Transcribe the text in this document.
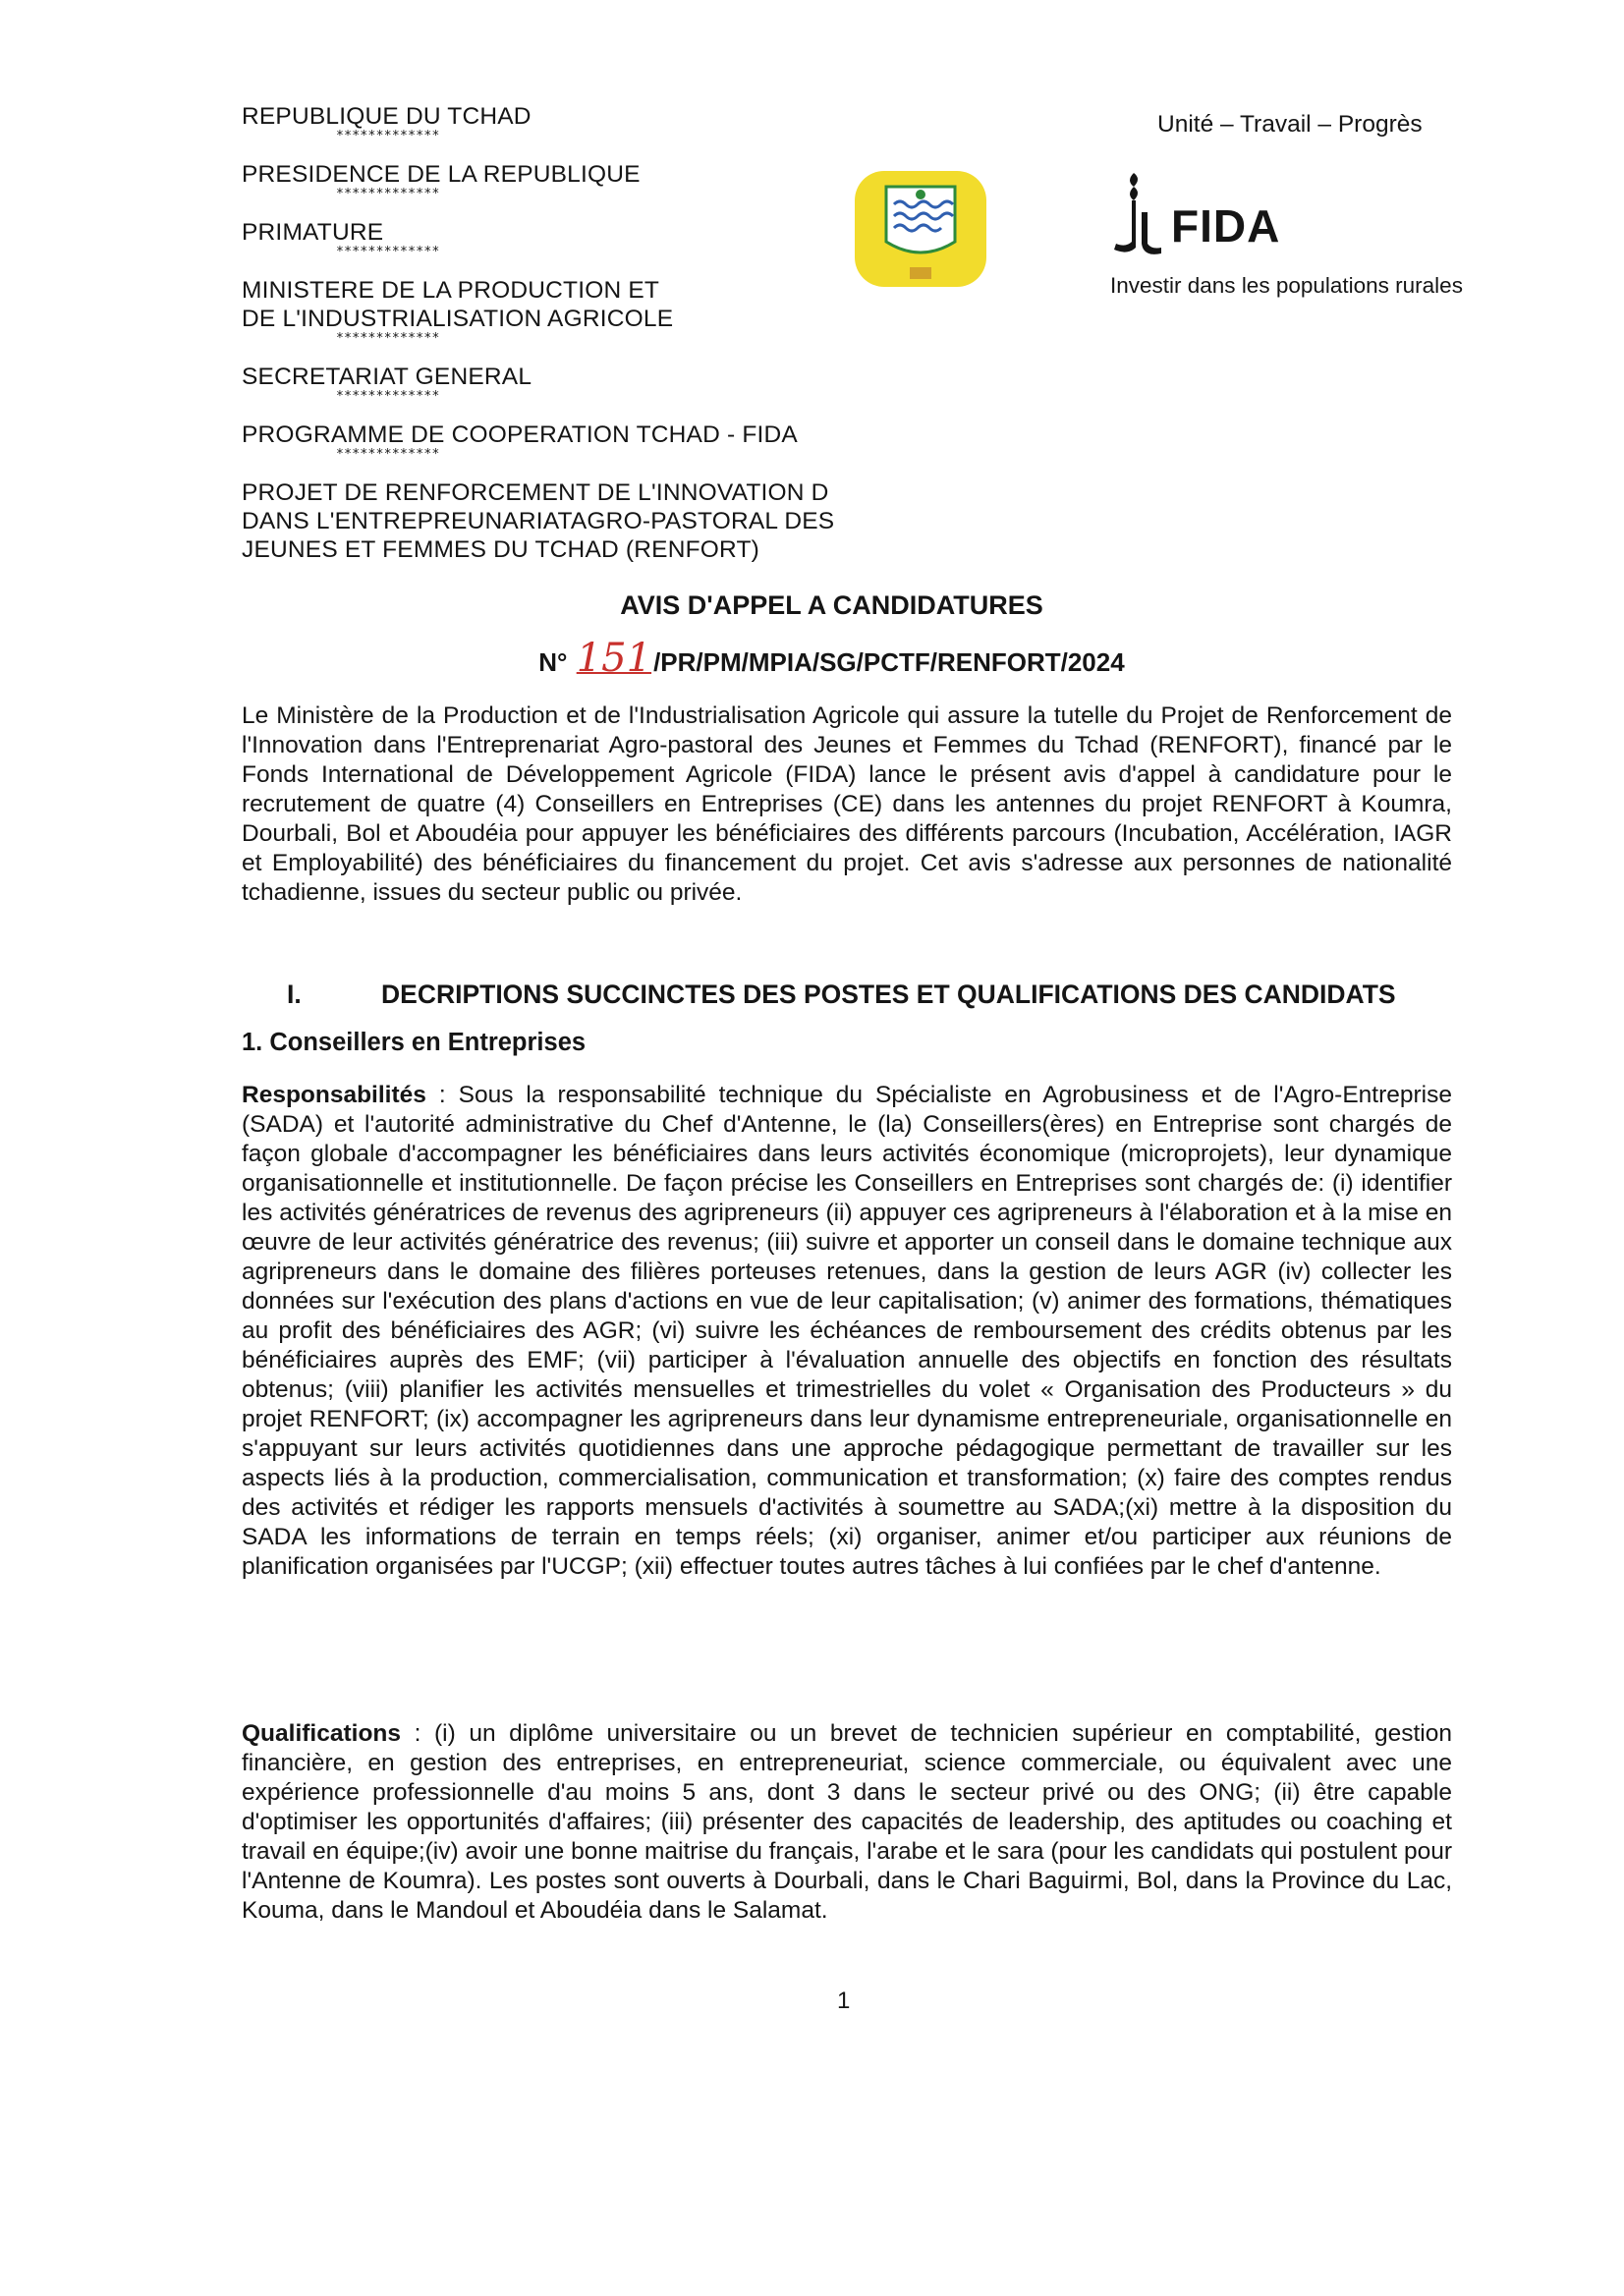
REPUBLIQUE DU TCHAD

*************

PRESIDENCE DE LA REPUBLIQUE

*************

PRIMATURE

*************

MINISTERE DE LA PRODUCTION ET

DE L'INDUSTRIALISATION AGRICOLE

*************

SECRETARIAT GENERAL

*************

PROGRAMME DE COOPERATION TCHAD - FIDA

*************

PROJET DE RENFORCEMENT DE L'INNOVATION D

DANS L'ENTREPREUNARIATAGRO-PASTORAL DES

JEUNES ET FEMMES DU TCHAD (RENFORT)

Unité – Travail – Progrès
FIDA
Investir dans les populations rurales

AVIS D'APPEL A CANDIDATURES

N° 151/PR/PM/MPIA/SG/PCTF/RENFORT/2024

Le Ministère de la Production et de l'Industrialisation Agricole qui assure la tutelle du Projet de Renforcement de l'Innovation dans l'Entreprenariat Agro-pastoral des Jeunes et Femmes du Tchad (RENFORT), financé par le Fonds International de Développement Agricole (FIDA) lance le présent avis d'appel à candidature pour le recrutement de quatre (4) Conseillers en Entreprises (CE) dans les antennes du projet RENFORT à Koumra, Dourbali, Bol et Aboudéia pour appuyer les bénéficiaires des différents parcours (Incubation, Accélération, IAGR et Employabilité) des bénéficiaires du financement du projet. Cet avis s'adresse aux personnes de nationalité tchadienne, issues du secteur public ou privée.

I.	DECRIPTIONS SUCCINCTES DES POSTES ET QUALIFICATIONS DES CANDIDATS
1. Conseillers en Entreprises

Responsabilités : Sous la responsabilité technique du Spécialiste en Agrobusiness et de l'Agro-Entreprise (SADA) et l'autorité administrative du Chef d'Antenne, le (la) Conseillers(ères) en Entreprise sont chargés de façon globale d'accompagner les bénéficiaires dans leurs activités économique (microprojets), leur dynamique organisationnelle et institutionnelle. De façon précise les Conseillers en Entreprises sont chargés de: (i) identifier les activités génératrices de revenus des agripreneurs (ii) appuyer ces agripreneurs à l'élaboration et à la mise en œuvre de leur activités génératrice des revenus; (iii) suivre et apporter un conseil dans le domaine technique aux agripreneurs dans le domaine des filières porteuses retenues, dans la gestion de leurs AGR (iv) collecter les données sur l'exécution des plans d'actions en vue de leur capitalisation; (v) animer des formations, thématiques au profit des bénéficiaires des AGR; (vi) suivre les échéances de remboursement des crédits obtenus par les bénéficiaires auprès des EMF; (vii) participer à l'évaluation annuelle des objectifs en fonction des résultats obtenus; (viii) planifier les activités mensuelles et trimestrielles du volet « Organisation des Producteurs » du projet RENFORT; (ix) accompagner les agripreneurs dans leur dynamisme entrepreneuriale, organisationnelle en s'appuyant sur leurs activités quotidiennes dans une approche pédagogique permettant de travailler sur les aspects liés à la production, commercialisation, communication et transformation; (x) faire des comptes rendus des activités et rédiger les rapports mensuels d'activités à soumettre au SADA;(xi) mettre à la disposition du SADA les informations de terrain en temps réels; (xi) organiser, animer et/ou participer aux réunions de planification organisées par l'UCGP; (xii) effectuer toutes autres tâches à lui confiées par le chef d'antenne.

Qualifications : (i) un diplôme universitaire ou un brevet de technicien supérieur en comptabilité, gestion financière, en gestion des entreprises, en entrepreneuriat, science commerciale, ou équivalent avec une expérience professionnelle d'au moins 5 ans, dont 3 dans le secteur privé ou des ONG; (ii) être capable d'optimiser les opportunités d'affaires; (iii) présenter des capacités de leadership, des aptitudes ou coaching et travail en équipe;(iv) avoir une bonne maitrise du français, l'arabe et le sara (pour les candidats qui postulent pour l'Antenne de Koumra). Les postes sont ouverts à Dourbali, dans le Chari Baguirmi, Bol, dans la Province du Lac, Kouma, dans le Mandoul et Aboudéia dans le Salamat.

1
